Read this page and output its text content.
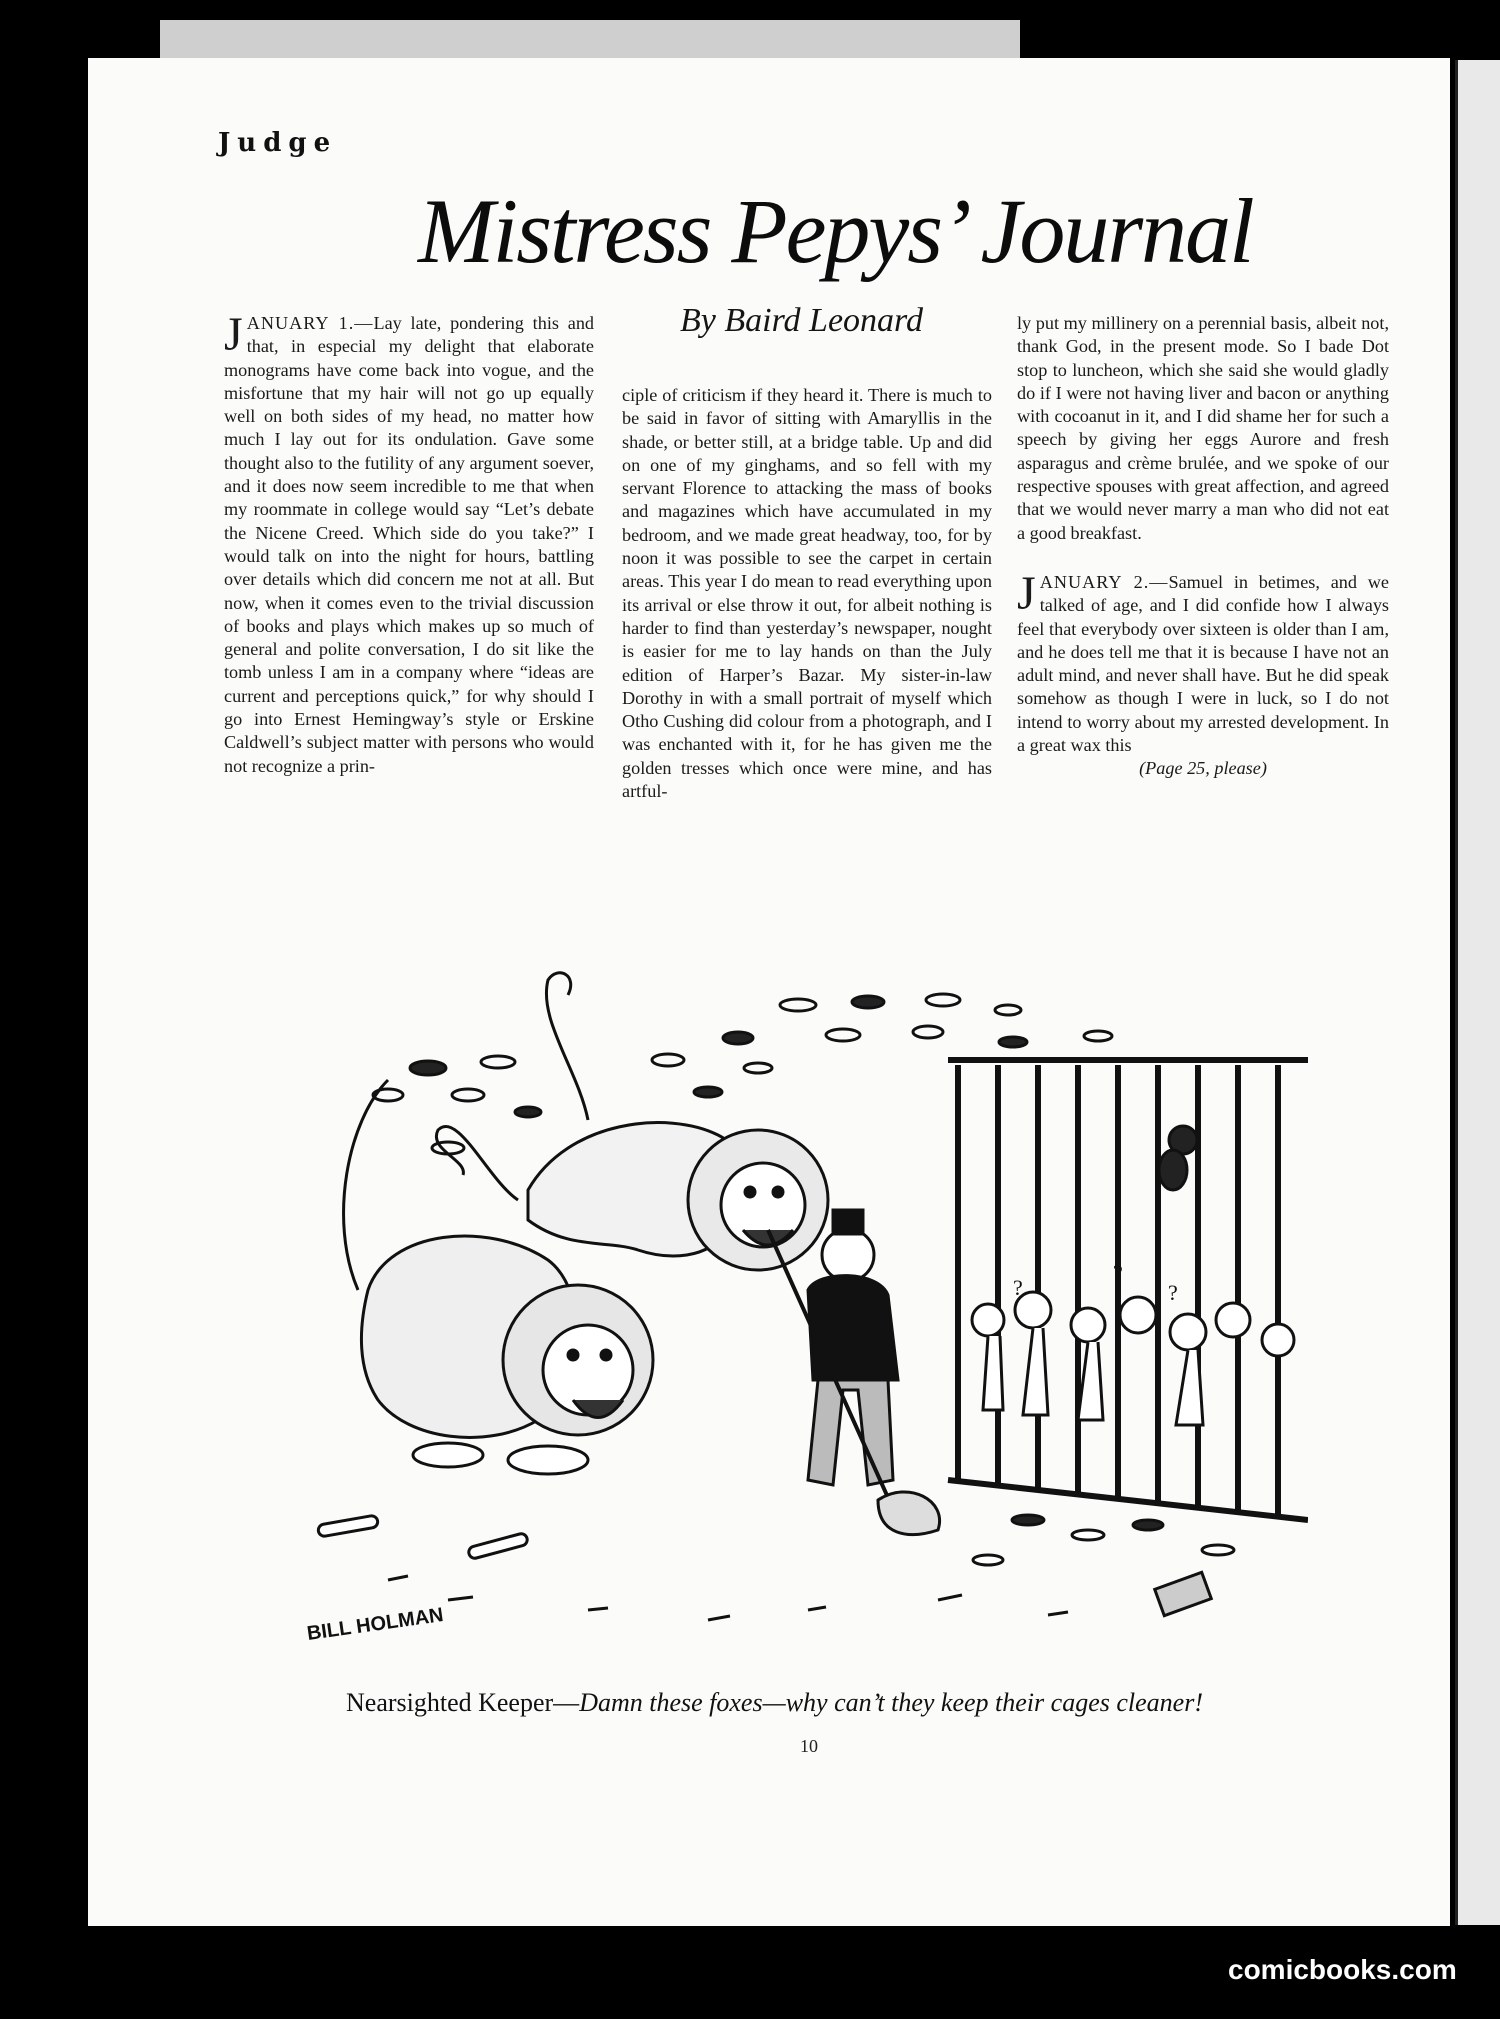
Judge
Mistress Pepys’ Journal
By Baird Leonard

JANUARY 1.—Lay late, pondering this and that, in especial my delight that elaborate monograms have come back into vogue, and the misfortune that my hair will not go up equally well on both sides of my head, no matter how much I lay out for its ondulation. Gave some thought also to the futility of any argument soever, and it does now seem incredible to me that when my roommate in college would say “Let’s debate the Nicene Creed. Which side do you take?” I would talk on into the night for hours, battling over details which did concern me not at all. But now, when it comes even to the trivial discussion of books and plays which makes up so much of general and polite conversation, I do sit like the tomb unless I am in a company where “ideas are current and perceptions quick,” for why should I go into Ernest Hemingway’s style or Erskine Caldwell’s subject matter with persons who would not recognize a prin-

ciple of criticism if they heard it. There is much to be said in favor of sitting with Amaryllis in the shade, or better still, at a bridge table. Up and did on one of my ginghams, and so fell with my servant Florence to attacking the mass of books and magazines which have accumulated in my bedroom, and we made great headway, too, for by noon it was possible to see the carpet in certain areas. This year I do mean to read everything upon its arrival or else throw it out, for albeit nothing is harder to find than yesterday’s newspaper, nought is easier for me to lay hands on than the July edition of Harper’s Bazar. My sister-in-law Dorothy in with a small portrait of myself which Otho Cushing did colour from a photograph, and I was enchanted with it, for he has given me the golden tresses which once were mine, and has artful-

ly put my millinery on a perennial basis, albeit not, thank God, in the present mode. So I bade Dot stop to luncheon, which she said she would gladly do if I were not having liver and bacon or anything with cocoanut in it, and I did shame her for such a speech by giving her eggs Aurore and fresh asparagus and crème brulée, and we spoke of our respective spouses with great affection, and agreed that we would never marry a man who did not eat a good breakfast.

JANUARY 2.—Samuel in betimes, and we talked of age, and I did confide how I always feel that everybody over sixteen is older than I am, and he does tell me that it is because I have not an adult mind, and never shall have. But he did speak somehow as though I were in luck, so I do not intend to worry about my arrested development. In a great wax this

(Page 25, please)

?
?
?
BILL HOLMAN
Nearsighted Keeper—Damn these foxes—why can’t they keep their cages cleaner!
10
comicbooks.com
